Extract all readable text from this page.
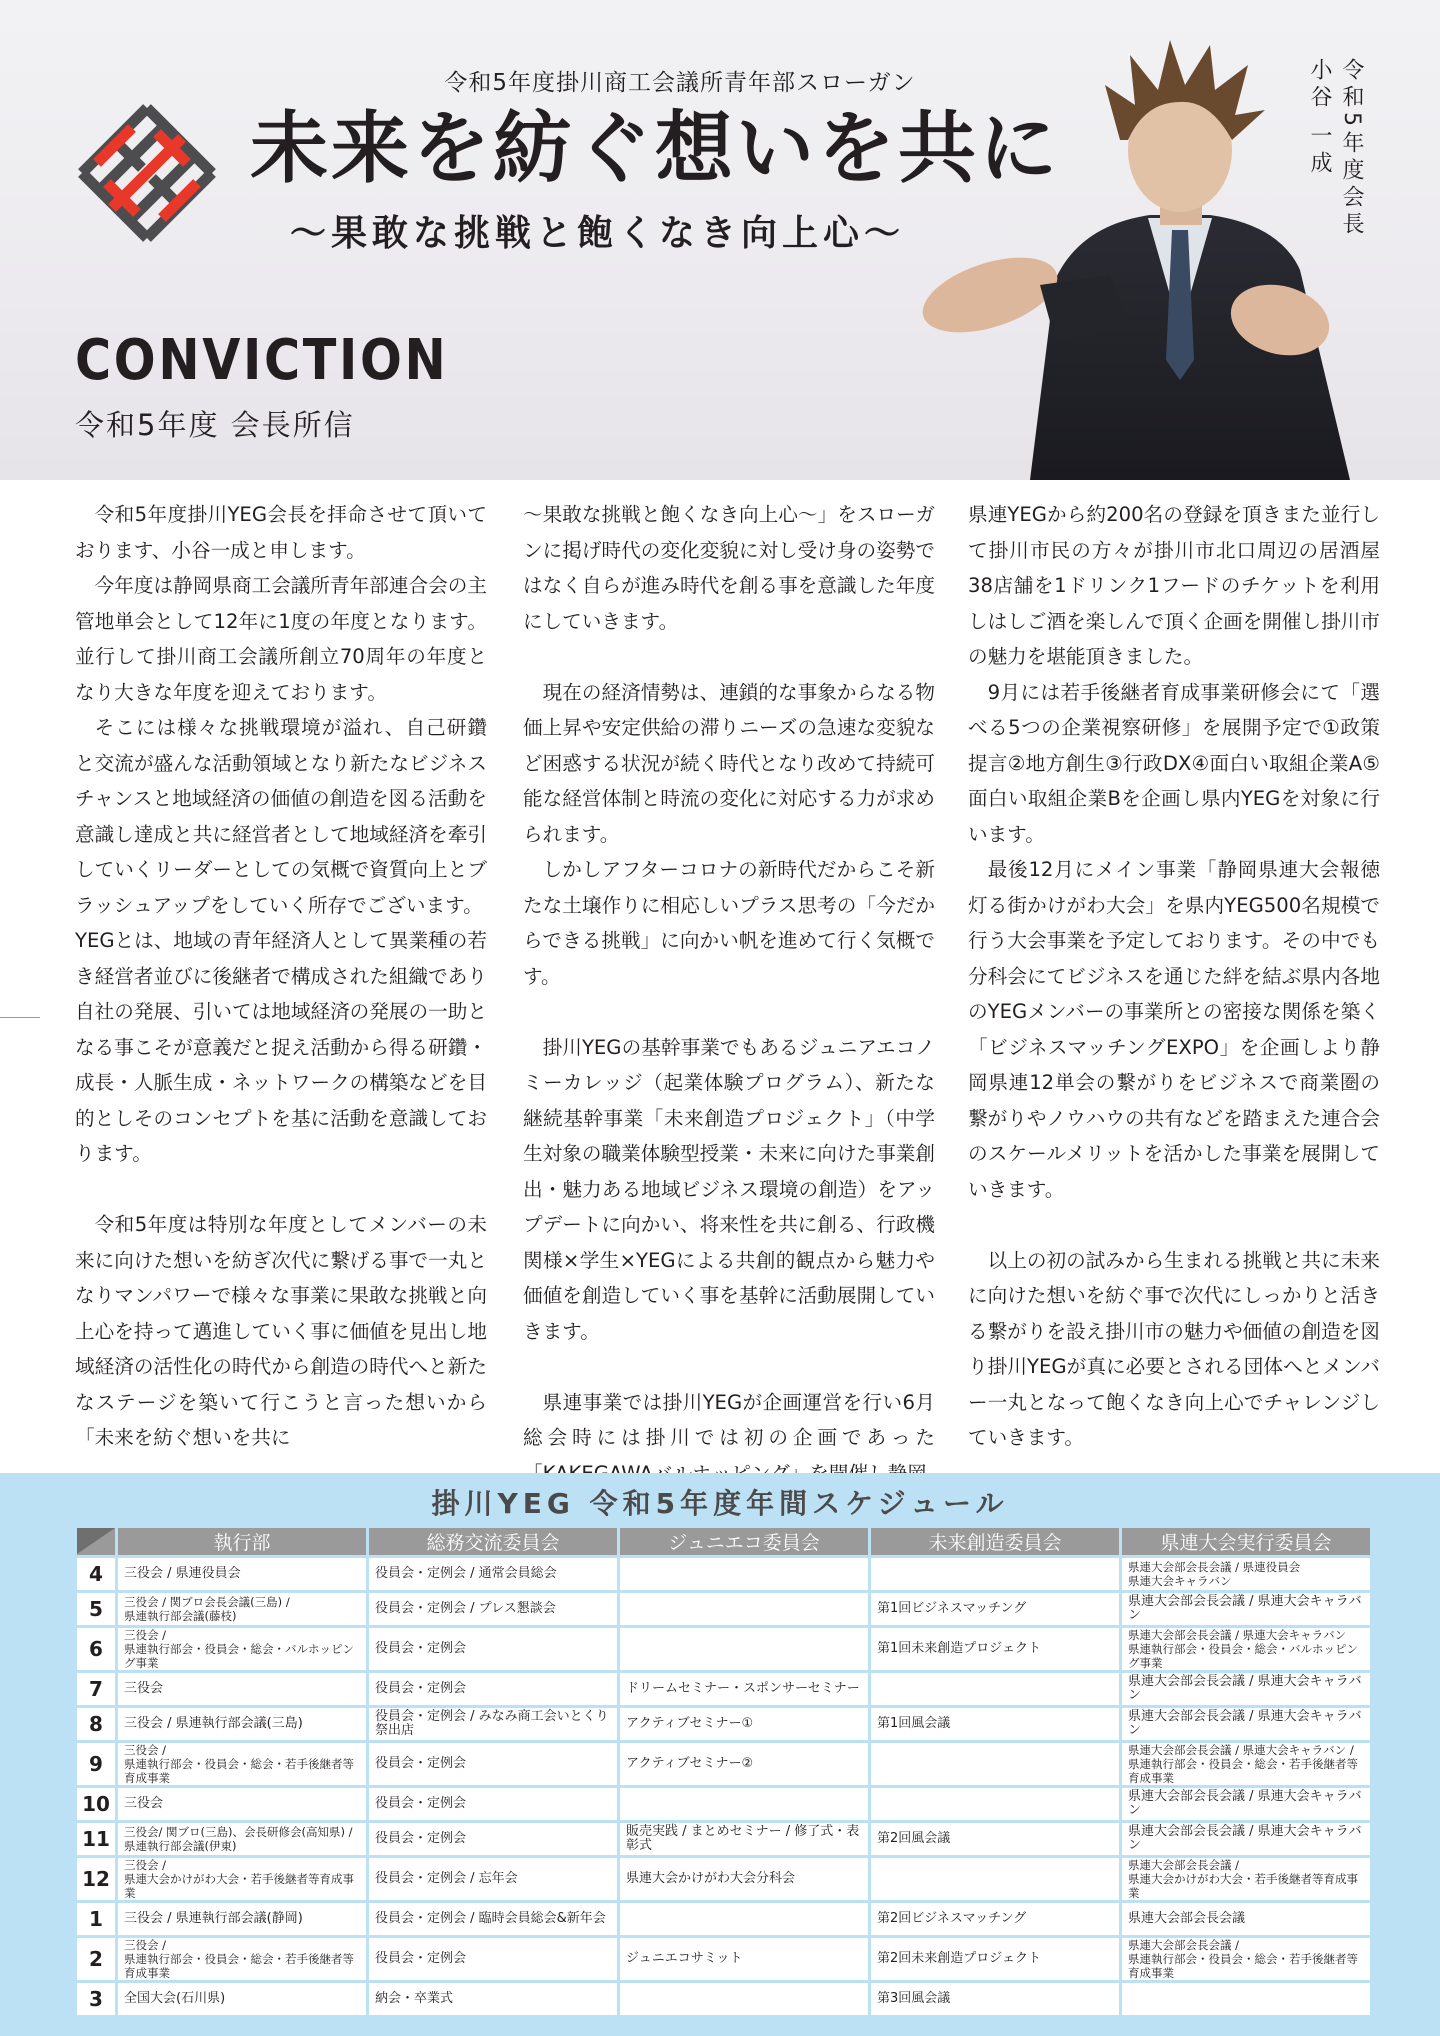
令和5年度掛川商工会議所青年部スローガン
未来を紡ぐ想いを共に
～果敢な挑戦と飽くなき向上心～
CONVICTION
令和5年度 会長所信
令和5年度会長
小谷 一成

令和5年度掛川YEG会長を拝命させて頂いております、小谷一成と申します。

今年度は静岡県商工会議所青年部連合会の主管地単会として12年に1度の年度となります。並行して掛川商工会議所創立70周年の年度となり大きな年度を迎えております。

そこには様々な挑戦環境が溢れ、自己研鑽と交流が盛んな活動領域となり新たなビジネスチャンスと地域経済の価値の創造を図る活動を意識し達成と共に経営者として地域経済を牽引していくリーダーとしての気概で資質向上とブラッシュアップをしていく所存でございます。

YEGとは、地域の青年経済人として異業種の若き経営者並びに後継者で構成された組織であり自社の発展、引いては地域経済の発展の一助となる事こそが意義だと捉え活動から得る研鑽・成長・人脈生成・ネットワークの構築などを目的としそのコンセプトを基に活動を意識しております。

令和5年度は特別な年度としてメンバーの未来に向けた想いを紡ぎ次代に繋げる事で一丸となりマンパワーで様々な事業に果敢な挑戦と向上心を持って邁進していく事に価値を見出し地域経済の活性化の時代から創造の時代へと新たなステージを築いて行こうと言った想いから「未来を紡ぐ想いを共に

～果敢な挑戦と飽くなき向上心～」をスローガンに掲げ時代の変化変貌に対し受け身の姿勢ではなく自らが進み時代を創る事を意識した年度にしていきます。

現在の経済情勢は、連鎖的な事象からなる物価上昇や安定供給の滞りニーズの急速な変貌など困惑する状況が続く時代となり改めて持続可能な経営体制と時流の変化に対応する力が求められます。

しかしアフターコロナの新時代だからこそ新たな土壌作りに相応しいプラス思考の「今だからできる挑戦」に向かい帆を進めて行く気概です。

掛川YEGの基幹事業でもあるジュニアエコノミーカレッジ（起業体験プログラム）、新たな継続基幹事業「未来創造プロジェクト」（中学生対象の職業体験型授業・未来に向けた事業創出・魅力ある地域ビジネス環境の創造）をアップデートに向かい、将来性を共に創る、行政機関様×学生×YEGによる共創的観点から魅力や価値を創造していく事を基幹に活動展開していきます。

県連事業では掛川YEGが企画運営を行い6月総会時には掛川では初の企画であった

県連YEGから約200名の登録を頂きまた並行して掛川市民の方々が掛川市北口周辺の居酒屋38店舗を1ドリンク1フードのチケットを利用しはしご酒を楽しんで頂く企画を開催し掛川市の魅力を堪能頂きました。

9月には若手後継者育成事業研修会にて「選べる5つの企業視察研修」を展開予定で①政策提言②地方創生③行政DX④面白い取組企業A⑤面白い取組企業Bを企画し県内YEGを対象に行います。

最後12月にメイン事業「静岡県連大会報徳灯る街かけがわ大会」を県内YEG500名規模で行う大会事業を予定しております。その中でも分科会にてビジネスを通じた絆を結ぶ県内各地のYEGメンバーの事業所との密接な関係を築く「ビジネスマッチングEXPO」を企画しより静岡県連12単会の繋がりをビジネスで商業圏の繋がりやノウハウの共有などを踏まえた連合会のスケールメリットを活かした事業を展開していきます。

以上の初の試みから生まれる挑戦と共に未来に向けた想いを紡ぐ事で次代にしっかりと活きる繋がりを設え掛川市の魅力や価値の創造を図り掛川YEGが真に必要とされる団体へとメンバー一丸となって飽くなき向上心でチャレンジしていきます。

掛川YEG 令和5年度年間スケジュール
	執行部	総務交流委員会	ジュニエコ委員会	未来創造委員会	県連大会実行委員会
4	三役会 / 県連役員会	役員会・定例会 / 通常会員総会			県連大会部会長会議 / 県連役員会
県連大会キャラバン
5	三役会 / 関ブロ会長会議(三島) /
県連執行部会議(藤枝)	役員会・定例会 / プレス懇談会		第1回ビジネスマッチング	県連大会部会長会議 / 県連大会キャラバン
6	三役会 /
県連執行部会・役員会・総会・バルホッピング事業	役員会・定例会		第1回未来創造プロジェクト	県連大会部会長会議 / 県連大会キャラバン
県連執行部会・役員会・総会・バルホッピング事業
7	三役会	役員会・定例会	ドリームセミナー・スポンサーセミナー		県連大会部会長会議 / 県連大会キャラバン
8	三役会 / 県連執行部会議(三島)	役員会・定例会 / みなみ商工会いとくり祭出店	アクティブセミナー①	第1回風会議	県連大会部会長会議 / 県連大会キャラバン
9	三役会 /
県連執行部会・役員会・総会・若手後継者等育成事業	役員会・定例会	アクティブセミナー②		県連大会部会長会議 / 県連大会キャラバン /
県連執行部会・役員会・総会・若手後継者等育成事業
10	三役会	役員会・定例会			県連大会部会長会議 / 県連大会キャラバン
11	三役会/ 関ブロ(三島)、会長研修会(高知県) /
県連執行部会議(伊東)	役員会・定例会	販売実践 / まとめセミナー / 修了式・表彰式	第2回風会議	県連大会部会長会議 / 県連大会キャラバン
12	三役会 /
県連大会かけがわ大会・若手後継者等育成事業	役員会・定例会 / 忘年会	県連大会かけがわ大会分科会		県連大会部会長会議 /
県連大会かけがわ大会・若手後継者等育成事業
1	三役会 / 県連執行部会議(静岡)	役員会・定例会 / 臨時会員総会&新年会		第2回ビジネスマッチング	県連大会部会長会議
2	三役会 /
県連執行部会・役員会・総会・若手後継者等育成事業	役員会・定例会	ジュニエコサミット	第2回未来創造プロジェクト	県連大会部会長会議 /
県連執行部会・役員会・総会・若手後継者等育成事業
3	全国大会(石川県)	納会・卒業式		第3回風会議	
